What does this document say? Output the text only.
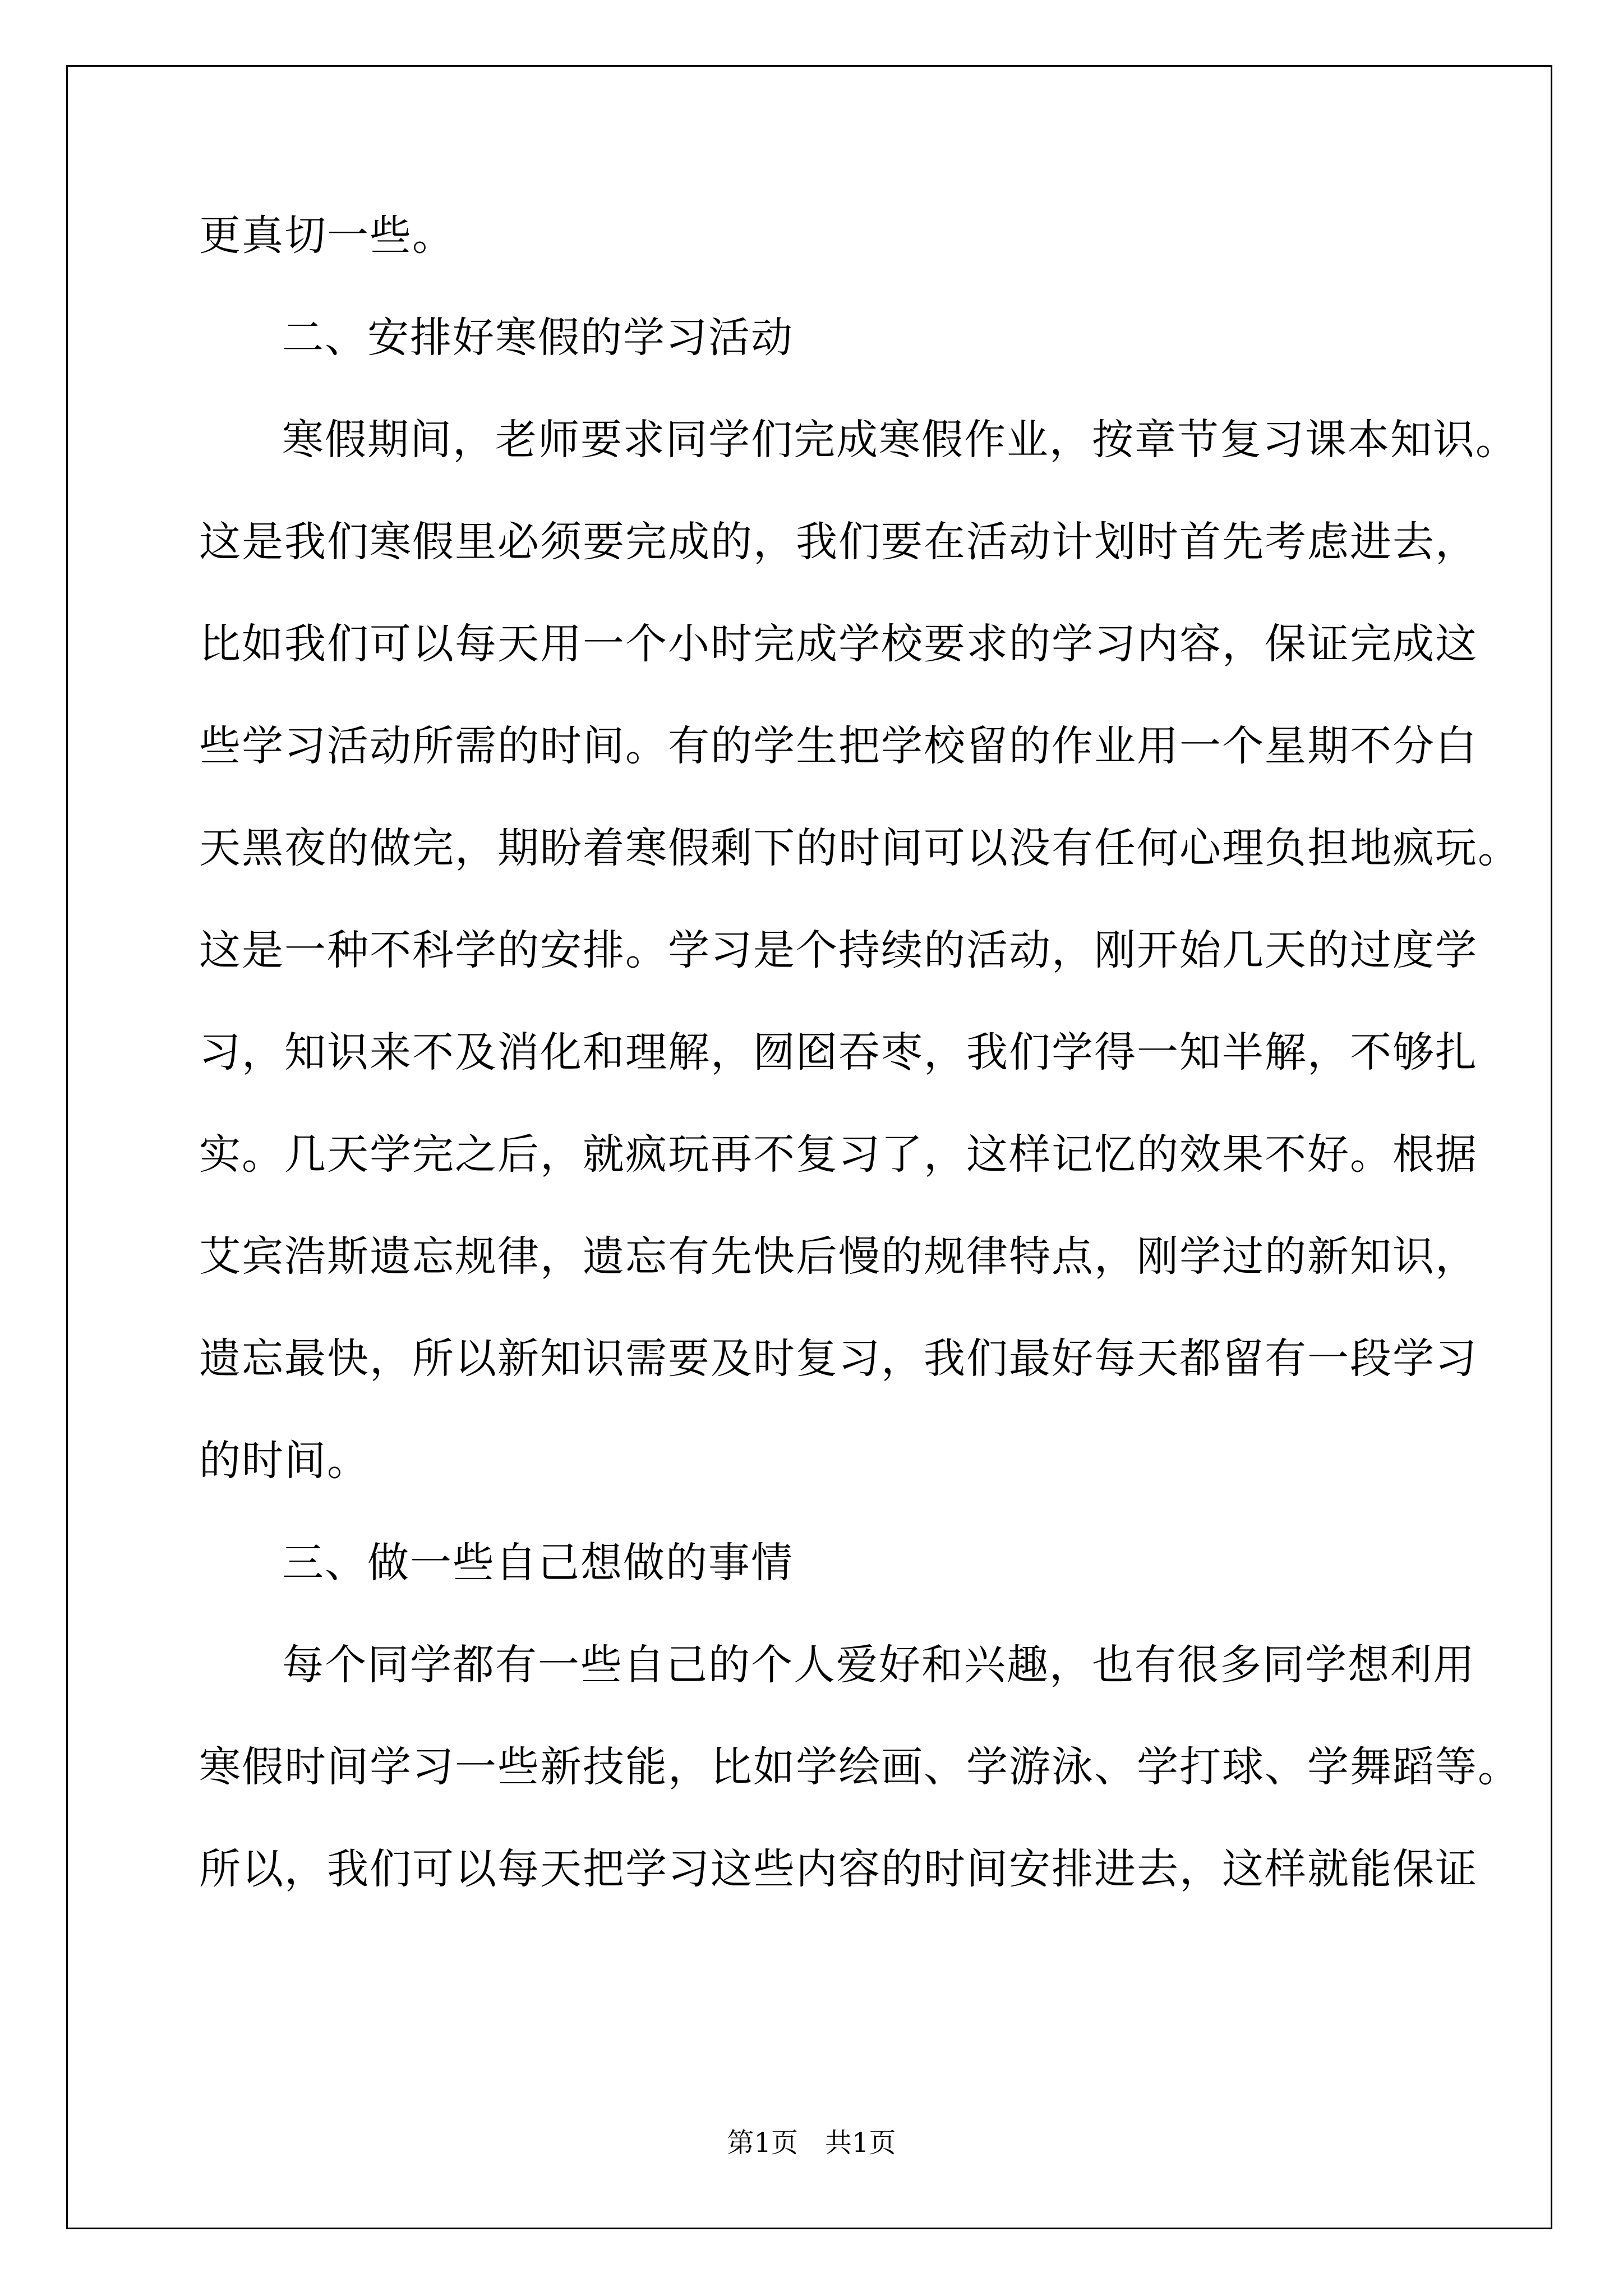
更真切一些。
二、安排好寒假的学习活动
寒假期间，老师要求同学们完成寒假作业，按章节复习课本知识。
这是我们寒假里必须要完成的，我们要在活动计划时首先考虑进去，
比如我们可以每天用一个小时完成学校要求的学习内容，保证完成这
些学习活动所需的时间。有的学生把学校留的作业用一个星期不分白
天黑夜的做完，期盼着寒假剩下的时间可以没有任何心理负担地疯玩。
这是一种不科学的安排。学习是个持续的活动，刚开始几天的过度学
习，知识来不及消化和理解，囫囵吞枣，我们学得一知半解，不够扎
实。几天学完之后，就疯玩再不复习了，这样记忆的效果不好。根据
艾宾浩斯遗忘规律，遗忘有先快后慢的规律特点，刚学过的新知识，
遗忘最快，所以新知识需要及时复习，我们最好每天都留有一段学习
的时间。
三、做一些自己想做的事情
每个同学都有一些自己的个人爱好和兴趣，也有很多同学想利用
寒假时间学习一些新技能，比如学绘画、学游泳、学打球、学舞蹈等。
所以，我们可以每天把学习这些内容的时间安排进去，这样就能保证
第1页　共1页
